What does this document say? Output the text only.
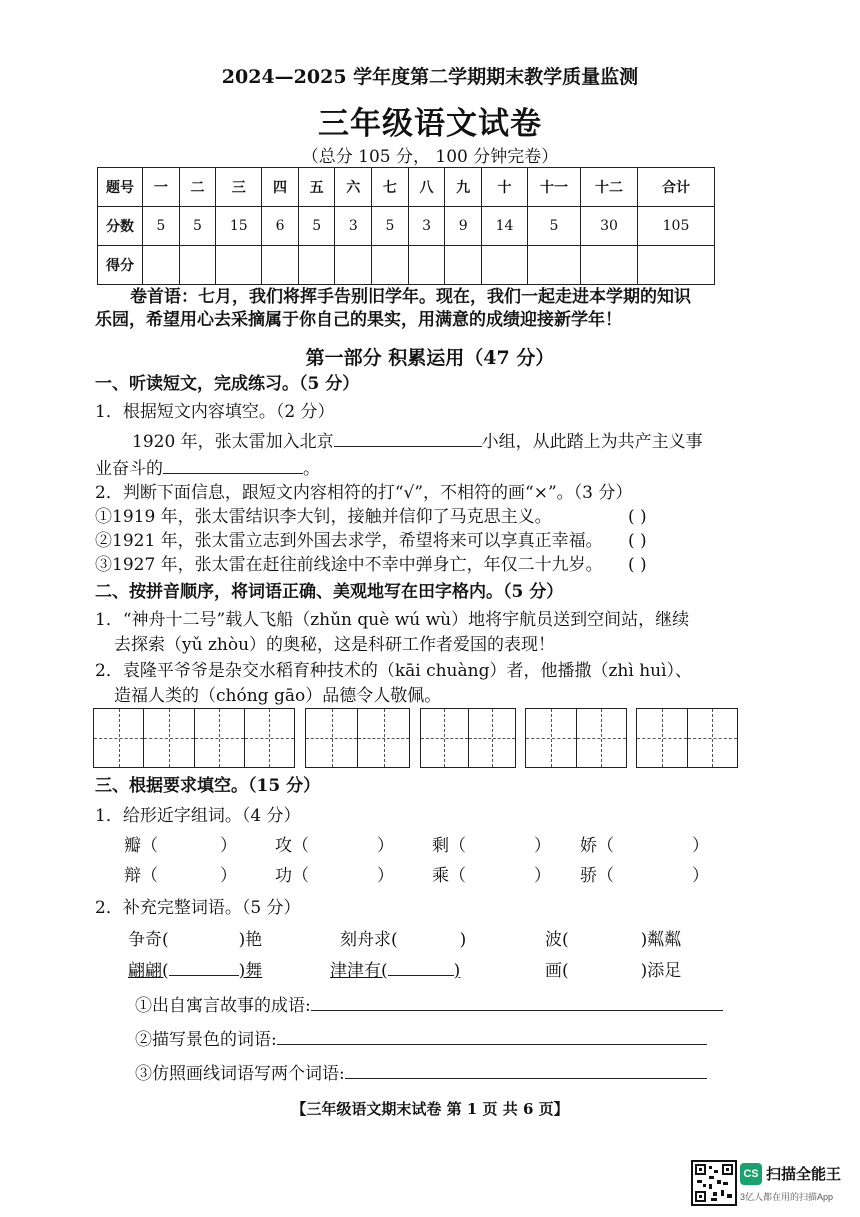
2024—2025 学年度第二学期期末教学质量监测
三年级语文试卷
（总分 105 分， 100 分钟完卷）
题号	一	二	三	四	五	六	七	八	九	十	十一	十二	合计
分数	5	5	15	6	5	3	5	3	9	14	5	30	105
得分													
卷首语：七月，我们将挥手告别旧学年。现在，我们一起走进本学期的知识
乐园，希望用心去采摘属于你自己的果实，用满意的成绩迎接新学年！
第一部分 积累运用（47 分）
一、听读短文，完成练习。（5 分）
1．根据短文内容填空。（2 分）
1920 年，张太雷加入北京	小组，从此踏上为共产主义事
业奋斗的	。
2．判断下面信息，跟短文内容相符的打“√”，不相符的画“×”。（3 分）
①1919 年，张太雷结识李大钊，接触并信仰了马克思主义。	( )
②1921 年，张太雷立志到外国去求学，希望将来可以享真正幸福。 ( )
③1927 年，张太雷在赶往前线途中不幸中弹身亡，年仅二十九岁。 ( )
二、按拼音顺序，将词语正确、美观地写在田字格内。（5 分）
1．“神舟十二号”载人飞船（zhǔn què wú wù）地将宇航员送到空间站，继续
去探索（yǔ zhòu）的奥秘，这是科研工作者爱国的表现！
2．袁隆平爷爷是杂交水稻育种技术的（kāi chuàng）者，他播撒（zhì huì）、
造福人类的（chóng gāo）品德令人敬佩。
三、根据要求填空。（15 分）
1．给形近字组词。（4 分）
瓣（	） 攻（	） 剩（	） 娇（	）
辩（	） 功（	） 乘（	） 骄（	）
2．补充完整词语。（5 分）
争奇(	)艳	刻舟求(	)	波(	)粼粼
翩翩(	)舞	津津有(	)	画(	)添足
①出自寓言故事的成语:
②描写景色的词语:
③仿照画线词语写两个词语:
【三年级语文期末试卷 第 1 页 共 6 页】
CS 扫描全能王
3亿人都在用的扫描App
